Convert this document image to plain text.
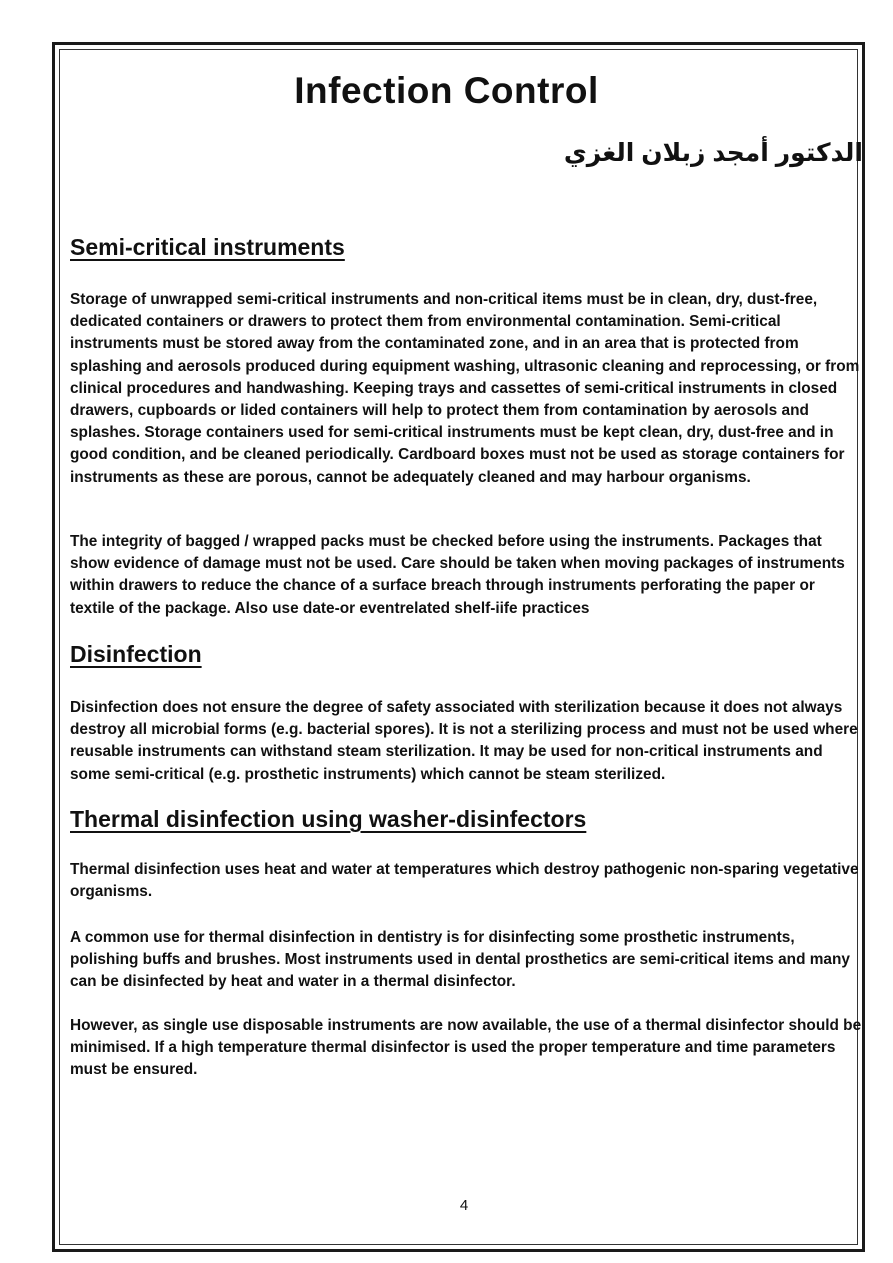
Infection Control

الدكتور أمجد زبلان الغزي

Semi-critical instruments

Storage of unwrapped semi-critical instruments and non-critical items must be in clean, dry, dust-free, dedicated containers or drawers to protect them from environmental contamination. Semi-critical instruments must be stored away from the contaminated zone, and in an area that is protected from splashing and aerosols produced during equipment washing, ultrasonic cleaning and reprocessing, or from clinical procedures and handwashing. Keeping trays and cassettes of semi-critical instruments in closed drawers, cupboards or lided containers will help to protect them from contamination by aerosols and splashes. Storage containers used for semi-critical instruments must be kept clean, dry, dust-free and in good condition, and be cleaned periodically. Cardboard boxes must not be used as storage containers for instruments as these are porous, cannot be adequately cleaned and may harbour organisms.

The integrity of bagged / wrapped packs must be checked before using the instruments. Packages that show evidence of damage must not be used. Care should be taken when moving packages of instruments within drawers to reduce the chance of a surface breach through instruments perforating the paper or textile of the package. Also use date-or eventrelated shelf-iife practices

Disinfection

Disinfection does not ensure the degree of safety associated with sterilization because it does not always destroy all microbial forms (e.g. bacterial spores). It is not a sterilizing process and must not be used where reusable instruments can withstand steam sterilization. It may be used for non-critical instruments and some semi-critical (e.g. prosthetic instruments) which cannot be steam sterilized.

Thermal disinfection using washer-disinfectors

Thermal disinfection uses heat and water at temperatures which destroy pathogenic non-sparing vegetative organisms.

A common use for thermal disinfection in dentistry is for disinfecting some prosthetic instruments, polishing buffs and brushes. Most instruments used in dental prosthetics are semi-critical items and many can be disinfected by heat and water in a thermal disinfector.

However, as single use disposable instruments are now available, the use of a thermal disinfector should be minimised. If a high temperature thermal disinfector is used the proper temperature and time parameters must be ensured.

4
